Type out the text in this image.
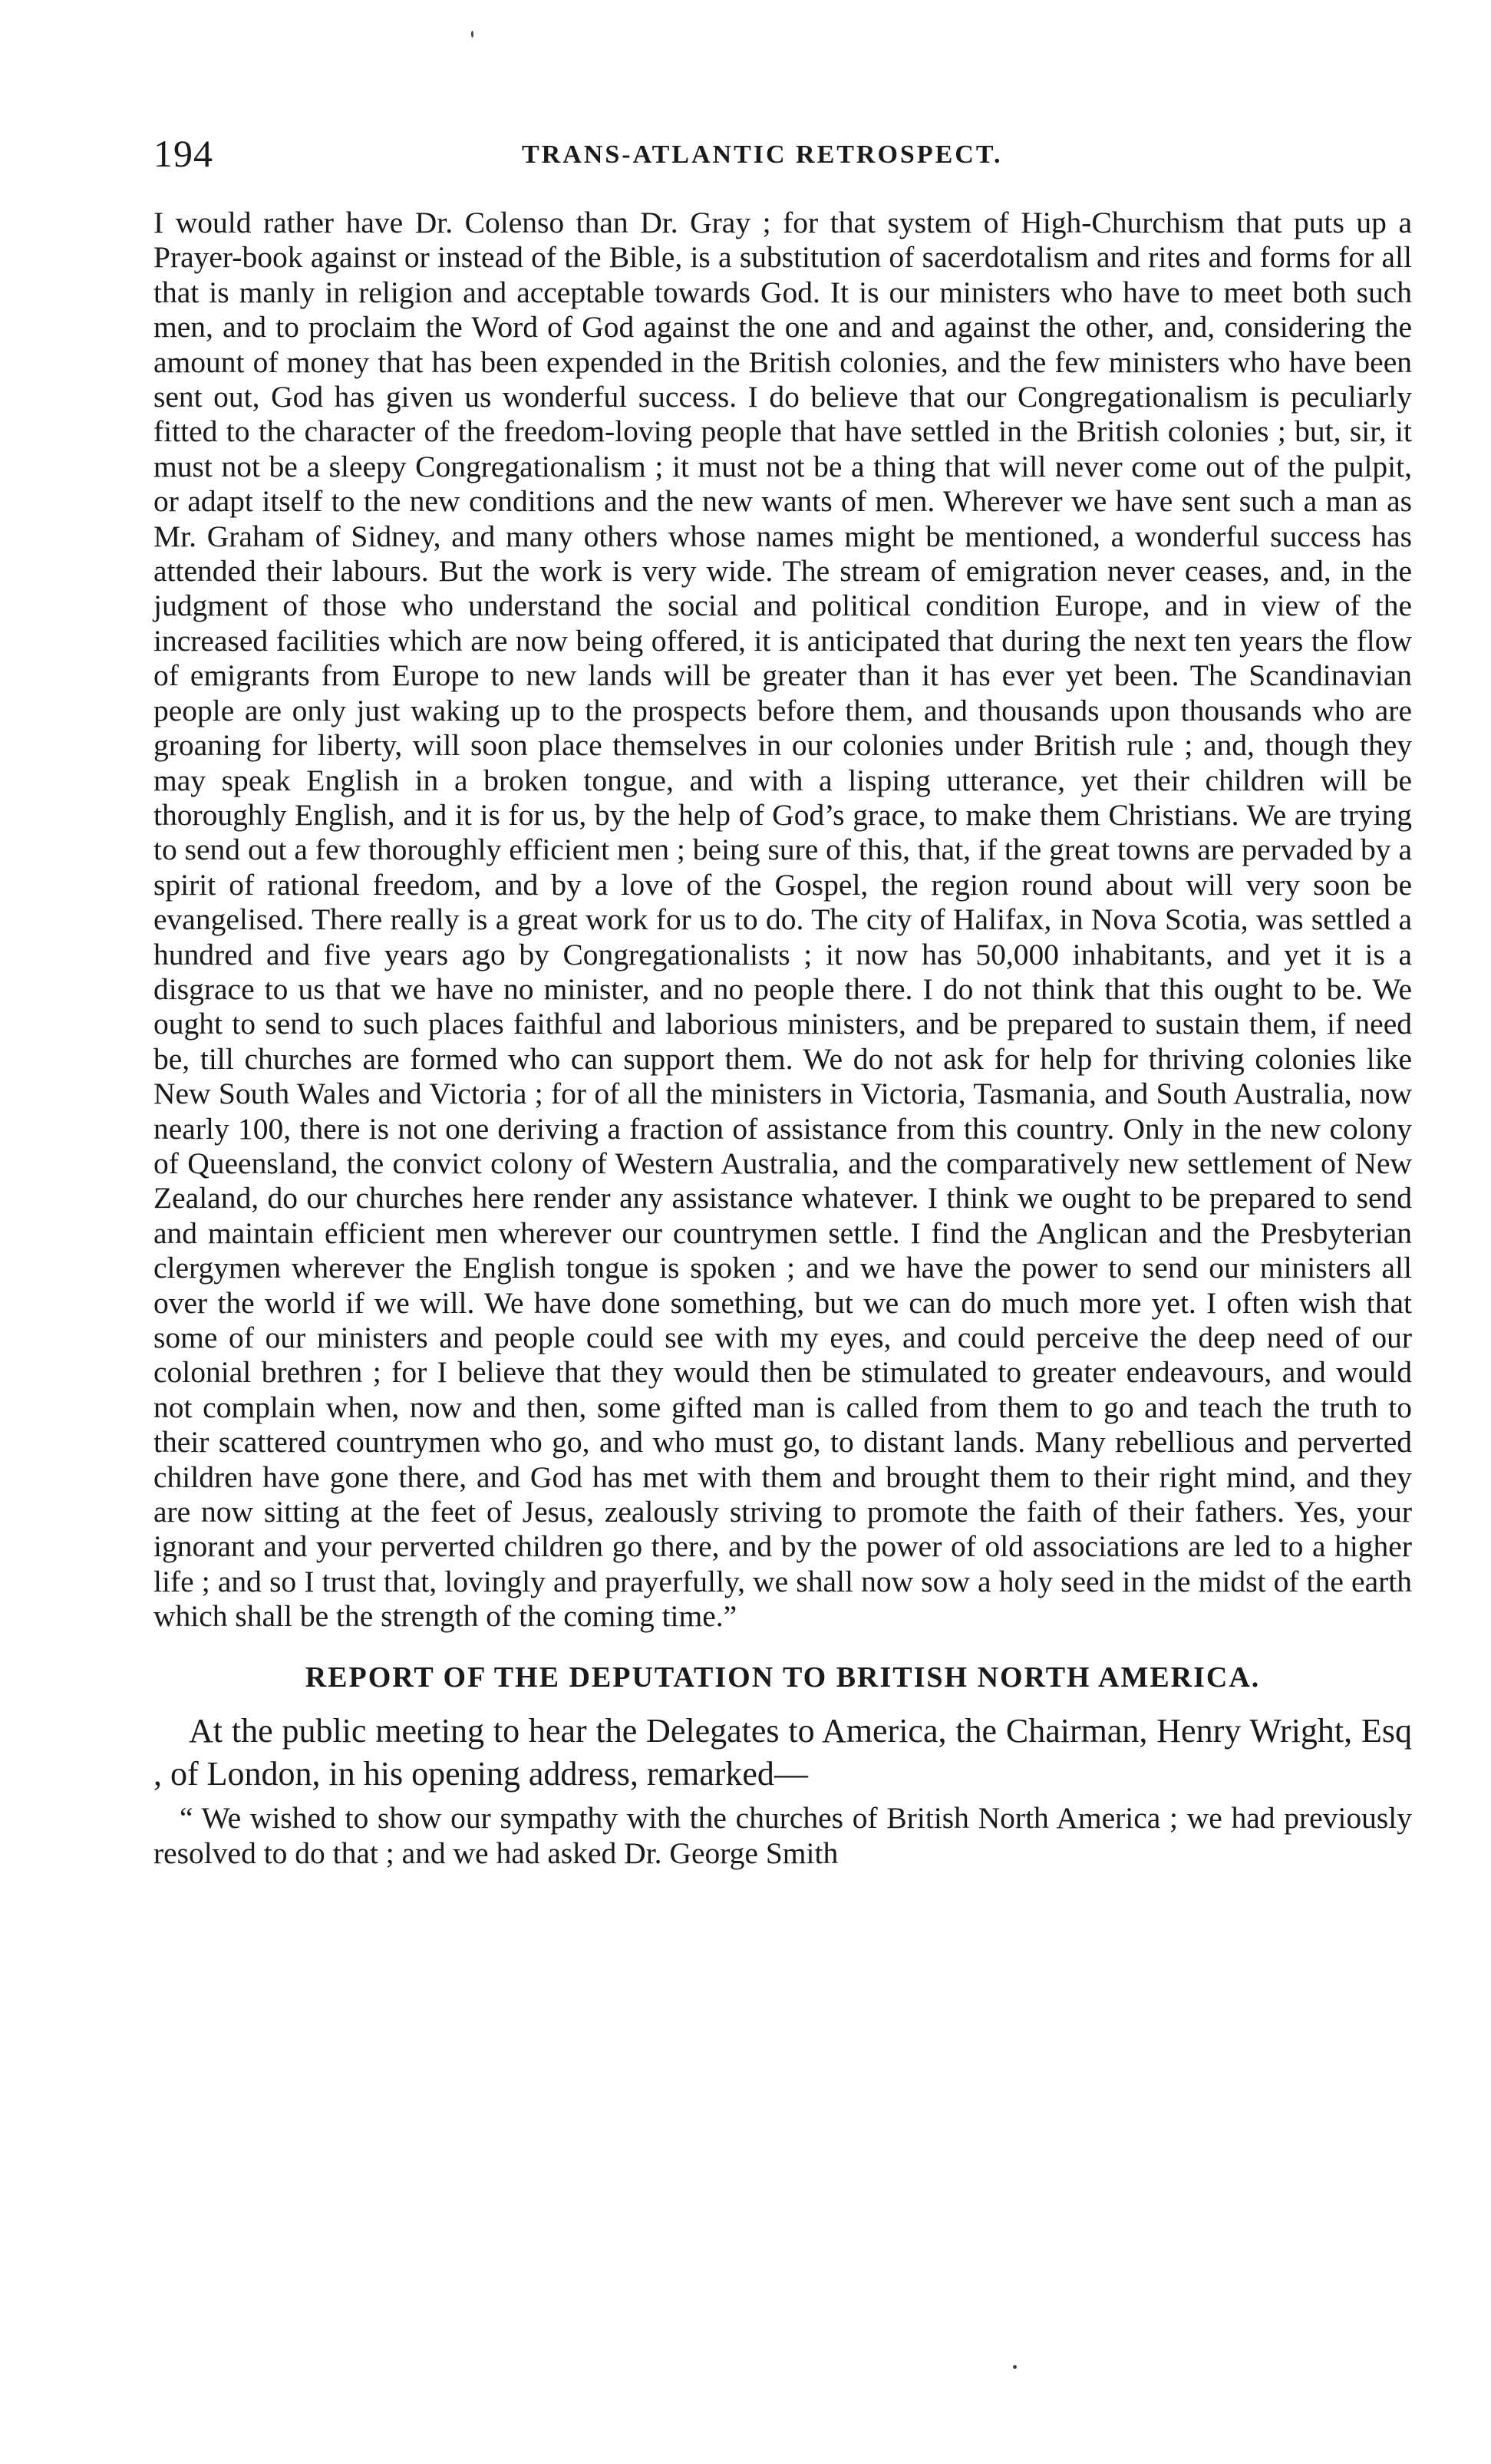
194	TRANS-ATLANTIC RETROSPECT.

I would rather have Dr. Colenso than Dr. Gray ; for that system of High-Churchism that puts up a Prayer-book against or instead of the Bible, is a substitution of sacerdotalism and rites and forms for all that is manly in religion and acceptable towards God. It is our ministers who have to meet both such men, and to proclaim the Word of God against the one and and against the other, and, considering the amount of money that has been expended in the British colonies, and the few ministers who have been sent out, God has given us wonderful success. I do believe that our Congregationalism is peculiarly fitted to the character of the freedom-loving people that have settled in the British colonies ; but, sir, it must not be a sleepy Congregationalism ; it must not be a thing that will never come out of the pulpit, or adapt itself to the new conditions and the new wants of men. Wherever we have sent such a man as Mr. Graham of Sidney, and many others whose names might be mentioned, a wonderful success has attended their labours. But the work is very wide. The stream of emigration never ceases, and, in the judgment of those who understand the social and political condition Europe, and in view of the increased facilities which are now being offered, it is anticipated that during the next ten years the flow of emigrants from Europe to new lands will be greater than it has ever yet been. The Scandinavian people are only just waking up to the prospects before them, and thousands upon thousands who are groaning for liberty, will soon place themselves in our colonies under British rule ; and, though they may speak English in a broken tongue, and with a lisping utterance, yet their children will be thoroughly English, and it is for us, by the help of God’s grace, to make them Christians. We are trying to send out a few thoroughly efficient men ; being sure of this, that, if the great towns are pervaded by a spirit of rational freedom, and by a love of the Gospel, the region round about will very soon be evangelised. There really is a great work for us to do. The city of Halifax, in Nova Scotia, was settled a hundred and five years ago by Congregationalists ; it now has 50,000 inhabitants, and yet it is a disgrace to us that we have no minister, and no people there. I do not think that this ought to be. We ought to send to such places faithful and laborious ministers, and be prepared to sustain them, if need be, till churches are formed who can support them. We do not ask for help for thriving colonies like New South Wales and Victoria ; for of all the ministers in Victoria, Tasmania, and South Australia, now nearly 100, there is not one deriving a fraction of assistance from this country. Only in the new colony of Queensland, the convict colony of Western Australia, and the comparatively new settlement of New Zealand, do our churches here render any assistance whatever. I think we ought to be prepared to send and maintain efficient men wherever our countrymen settle. I find the Anglican and the Presbyterian clergymen wherever the English tongue is spoken ; and we have the power to send our ministers all over the world if we will. We have done something, but we can do much more yet. I often wish that some of our ministers and people could see with my eyes, and could perceive the deep need of our colonial brethren ; for I believe that they would then be stimulated to greater endeavours, and would not complain when, now and then, some gifted man is called from them to go and teach the truth to their scattered countrymen who go, and who must go, to distant lands. Many rebellious and perverted children have gone there, and God has met with them and brought them to their right mind, and they are now sitting at the feet of Jesus, zealously striving to promote the faith of their fathers. Yes, your ignorant and your perverted children go there, and by the power of old associations are led to a higher life ; and so I trust that, lovingly and prayerfully, we shall now sow a holy seed in the midst of the earth which shall be the strength of the coming time.”

REPORT OF THE DEPUTATION TO BRITISH NORTH AMERICA.

At the public meeting to hear the Delegates to America, the Chairman, Henry Wright, Esq , of London, in his opening address, remarked—

“ We wished to show our sympathy with the churches of British North America ; we had previously resolved to do that ; and we had asked Dr. George Smith
